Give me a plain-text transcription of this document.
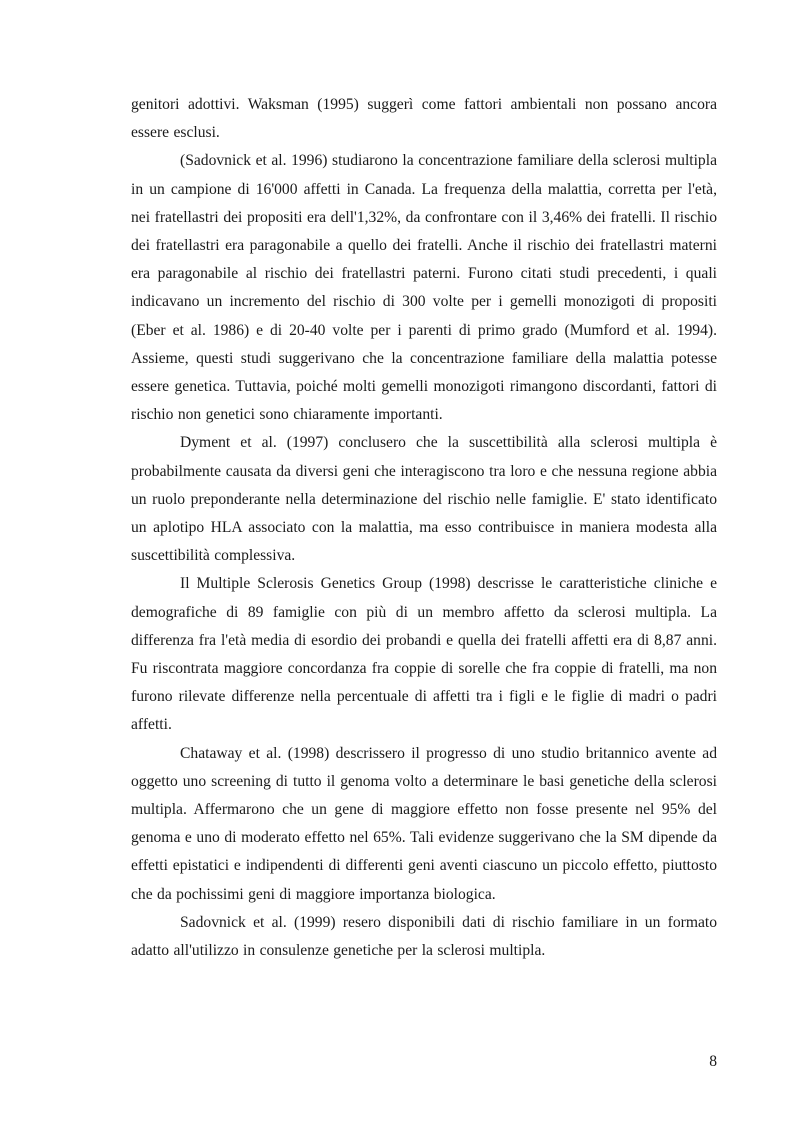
genitori adottivi. Waksman (1995) suggerì come fattori ambientali non possano ancora essere esclusi.

(Sadovnick et al. 1996) studiarono la concentrazione familiare della sclerosi multipla in un campione di 16'000 affetti in Canada. La frequenza della malattia, corretta per l'età, nei fratellastri dei propositi era dell'1,32%, da confrontare con il 3,46% dei fratelli. Il rischio dei fratellastri era paragonabile a quello dei fratelli. Anche il rischio dei fratellastri materni era paragonabile al rischio dei fratellastri paterni. Furono citati studi precedenti, i quali indicavano un incremento del rischio di 300 volte per i gemelli monozigoti di propositi (Eber et al. 1986) e di 20-40 volte per i parenti di primo grado (Mumford et al. 1994). Assieme, questi studi suggerivano che la concentrazione familiare della malattia potesse essere genetica. Tuttavia, poiché molti gemelli monozigoti rimangono discordanti, fattori di rischio non genetici sono chiaramente importanti.

Dyment et al. (1997) conclusero che la suscettibilità alla sclerosi multipla è probabilmente causata da diversi geni che interagiscono tra loro e che nessuna regione abbia un ruolo preponderante nella determinazione del rischio nelle famiglie. E' stato identificato un aplotipo HLA associato con la malattia, ma esso contribuisce in maniera modesta alla suscettibilità complessiva.

Il Multiple Sclerosis Genetics Group (1998) descrisse le caratteristiche cliniche e demografiche di 89 famiglie con più di un membro affetto da sclerosi multipla. La differenza fra l'età media di esordio dei probandi e quella dei fratelli affetti era di 8,87 anni. Fu riscontrata maggiore concordanza fra coppie di sorelle che fra coppie di fratelli, ma non furono rilevate differenze nella percentuale di affetti tra i figli e le figlie di madri o padri affetti.

Chataway et al. (1998) descrissero il progresso di uno studio britannico avente ad oggetto uno screening di tutto il genoma volto a determinare le basi genetiche della sclerosi multipla. Affermarono che un gene di maggiore effetto non fosse presente nel 95% del genoma e uno di moderato effetto nel 65%. Tali evidenze suggerivano che la SM dipende da effetti epistatici e indipendenti di differenti geni aventi ciascuno un piccolo effetto, piuttosto che da pochissimi geni di maggiore importanza biologica.

Sadovnick et al. (1999) resero disponibili dati di rischio familiare in un formato adatto all'utilizzo in consulenze genetiche per la sclerosi multipla.

8
